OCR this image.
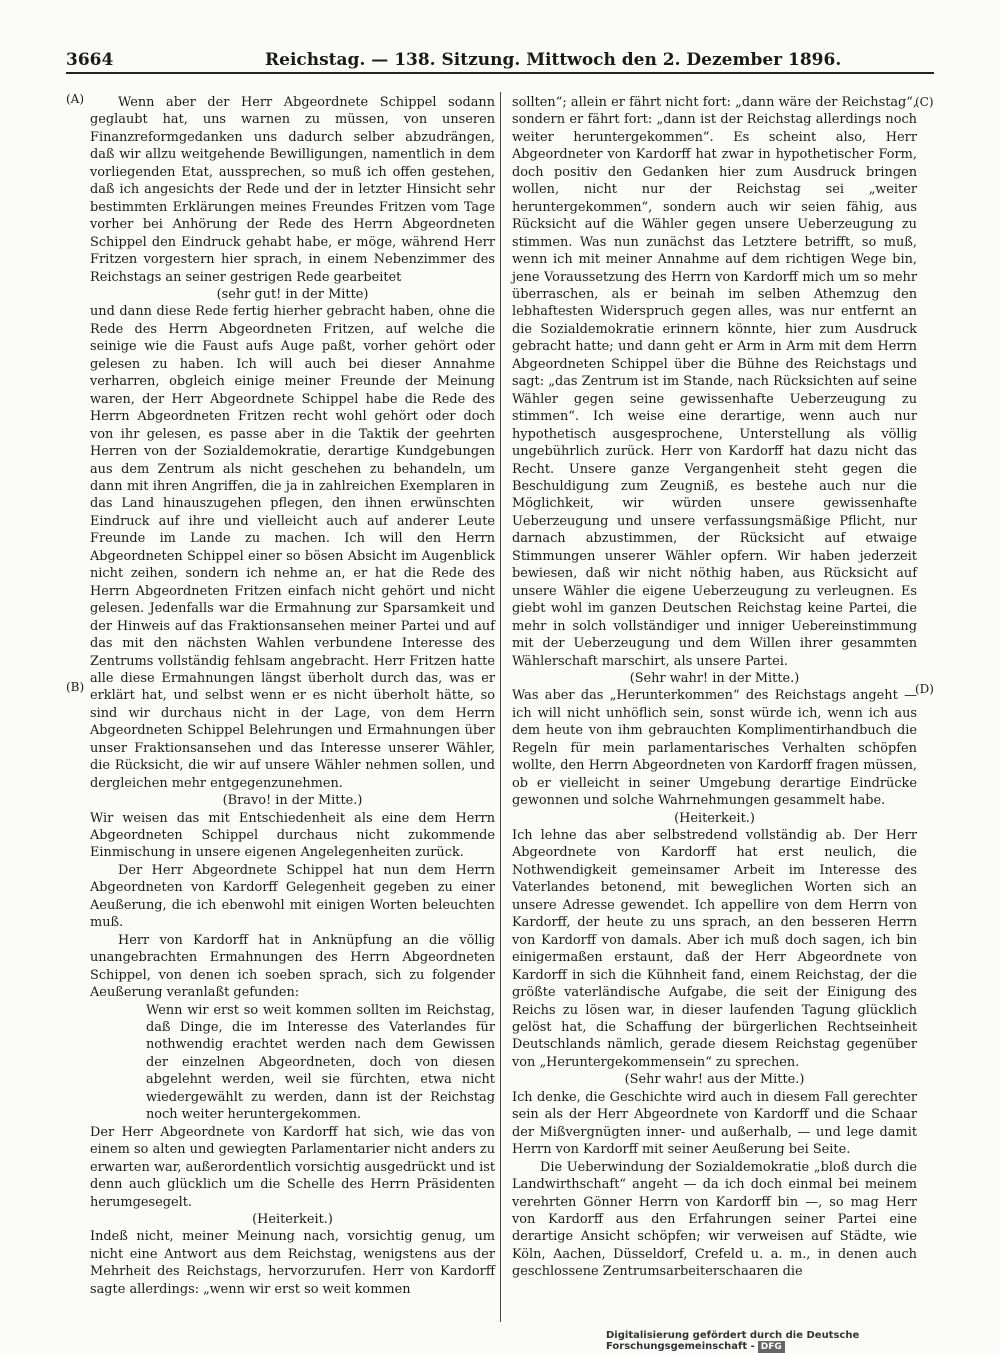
3664	Reichstag. — 138. Sitzung. Mittwoch den 2. Dezember 1896.
(A)
(B)
(C)
(D)

Wenn aber der Herr Abgeordnete Schippel sodann geglaubt hat, uns warnen zu müssen, von unseren Finanzreformgedanken uns dadurch selber abzudrängen, daß wir allzu weitgehende Bewilligungen, namentlich in dem vorliegenden Etat, aussprechen, so muß ich offen gestehen, daß ich angesichts der Rede und der in letzter Hinsicht sehr bestimmten Erklärungen meines Freundes Fritzen vom Tage vorher bei Anhörung der Rede des Herrn Abgeordneten Schippel den Eindruck gehabt habe, er möge, während Herr Fritzen vorgestern hier sprach, in einem Nebenzimmer des Reichstags an seiner gestrigen Rede gearbeitet

(sehr gut! in der Mitte)

und dann diese Rede fertig hierher gebracht haben, ohne die Rede des Herrn Abgeordneten Fritzen, auf welche die seinige wie die Faust aufs Auge paßt, vorher gehört oder gelesen zu haben. Ich will auch bei dieser Annahme verharren, obgleich einige meiner Freunde der Meinung waren, der Herr Abgeordnete Schippel habe die Rede des Herrn Abgeordneten Fritzen recht wohl gehört oder doch von ihr gelesen, es passe aber in die Taktik der geehrten Herren von der Sozialdemokratie, derartige Kundgebungen aus dem Zentrum als nicht geschehen zu behandeln, um dann mit ihren Angriffen, die ja in zahlreichen Exemplaren in das Land hinauszugehen pflegen, den ihnen erwünschten Eindruck auf ihre und vielleicht auch auf anderer Leute Freunde im Lande zu machen. Ich will den Herrn Abgeordneten Schippel einer so bösen Absicht im Augenblick nicht zeihen, sondern ich nehme an, er hat die Rede des Herrn Abgeordneten Fritzen einfach nicht gehört und nicht gelesen. Jedenfalls war die Ermahnung zur Sparsamkeit und der Hinweis auf das Fraktionsansehen meiner Partei und auf das mit den nächsten Wahlen verbundene Interesse des Zentrums vollständig fehlsam angebracht. Herr Fritzen hatte alle diese Ermahnungen längst überholt durch das, was er erklärt hat, und selbst wenn er es nicht überholt hätte, so sind wir durchaus nicht in der Lage, von dem Herrn Abgeordneten Schippel Belehrungen und Ermahnungen über unser Fraktionsansehen und das Interesse unserer Wähler, die Rücksicht, die wir auf unsere Wähler nehmen sollen, und dergleichen mehr entgegenzunehmen.

(Bravo! in der Mitte.)

Wir weisen das mit Entschiedenheit als eine dem Herrn Abgeordneten Schippel durchaus nicht zukommende Einmischung in unsere eigenen Angelegenheiten zurück.

Der Herr Abgeordnete Schippel hat nun dem Herrn Abgeordneten von Kardorff Gelegenheit gegeben zu einer Aeußerung, die ich ebenwohl mit einigen Worten beleuchten muß.

Herr von Kardorff hat in Anknüpfung an die völlig unangebrachten Ermahnungen des Herrn Abgeordneten Schippel, von denen ich soeben sprach, sich zu folgender Aeußerung veranlaßt gefunden:

Wenn wir erst so weit kommen sollten im Reichstag, daß Dinge, die im Interesse des Vaterlandes für nothwendig erachtet werden nach dem Gewissen der einzelnen Abgeordneten, doch von diesen abgelehnt werden, weil sie fürchten, etwa nicht wiedergewählt zu werden, dann ist der Reichstag noch weiter heruntergekommen.

Der Herr Abgeordnete von Kardorff hat sich, wie das von einem so alten und gewiegten Parlamentarier nicht anders zu erwarten war, außerordentlich vorsichtig ausgedrückt und ist denn auch glücklich um die Schelle des Herrn Präsidenten herumgesegelt.

(Heiterkeit.)

Indeß nicht, meiner Meinung nach, vorsichtig genug, um nicht eine Antwort aus dem Reichstag, wenigstens aus der Mehrheit des Reichstags, hervorzurufen. Herr von Kardorff sagte allerdings: „wenn wir erst so weit kommen

sollten“; allein er fährt nicht fort: „dann wäre der Reichstag“, sondern er fährt fort: „dann ist der Reichstag allerdings noch weiter heruntergekommen“. Es scheint also, Herr Abgeordneter von Kardorff hat zwar in hypothetischer Form, doch positiv den Gedanken hier zum Ausdruck bringen wollen, nicht nur der Reichstag sei „weiter heruntergekommen“, sondern auch wir seien fähig, aus Rücksicht auf die Wähler gegen unsere Ueberzeugung zu stimmen. Was nun zunächst das Letztere betrifft, so muß, wenn ich mit meiner Annahme auf dem richtigen Wege bin, jene Voraussetzung des Herrn von Kardorff mich um so mehr überraschen, als er beinah im selben Athemzug den lebhaftesten Widerspruch gegen alles, was nur entfernt an die Sozialdemokratie erinnern könnte, hier zum Ausdruck gebracht hatte; und dann geht er Arm in Arm mit dem Herrn Abgeordneten Schippel über die Bühne des Reichstags und sagt: „das Zentrum ist im Stande, nach Rücksichten auf seine Wähler gegen seine gewissenhafte Ueberzeugung zu stimmen“. Ich weise eine derartige, wenn auch nur hypothetisch ausgesprochene, Unterstellung als völlig ungebührlich zurück. Herr von Kardorff hat dazu nicht das Recht. Unsere ganze Vergangenheit steht gegen die Beschuldigung zum Zeugniß, es bestehe auch nur die Möglichkeit, wir würden unsere gewissenhafte Ueberzeugung und unsere verfassungsmäßige Pflicht, nur darnach abzustimmen, der Rücksicht auf etwaige Stimmungen unserer Wähler opfern. Wir haben jederzeit bewiesen, daß wir nicht nöthig haben, aus Rücksicht auf unsere Wähler die eigene Ueberzeugung zu verleugnen. Es giebt wohl im ganzen Deutschen Reichstag keine Partei, die mehr in solch vollständiger und inniger Uebereinstimmung mit der Ueberzeugung und dem Willen ihrer gesammten Wählerschaft marschirt, als unsere Partei.

(Sehr wahr! in der Mitte.)

Was aber das „Herunterkommen“ des Reichstags angeht — ich will nicht unhöflich sein, sonst würde ich, wenn ich aus dem heute von ihm gebrauchten Komplimentirhandbuch die Regeln für mein parlamentarisches Verhalten schöpfen wollte, den Herrn Abgeordneten von Kardorff fragen müssen, ob er vielleicht in seiner Umgebung derartige Eindrücke gewonnen und solche Wahrnehmungen gesammelt habe.

(Heiterkeit.)

Ich lehne das aber selbstredend vollständig ab. Der Herr Abgeordnete von Kardorff hat erst neulich, die Nothwendigkeit gemeinsamer Arbeit im Interesse des Vaterlandes betonend, mit beweglichen Worten sich an unsere Adresse gewendet. Ich appellire von dem Herrn von Kardorff, der heute zu uns sprach, an den besseren Herrn von Kardorff von damals. Aber ich muß doch sagen, ich bin einigermaßen erstaunt, daß der Herr Abgeordnete von Kardorff in sich die Kühnheit fand, einem Reichstag, der die größte vaterländische Aufgabe, die seit der Einigung des Reichs zu lösen war, in dieser laufenden Tagung glücklich gelöst hat, die Schaffung der bürgerlichen Rechtseinheit Deutschlands nämlich, gerade diesem Reichstag gegenüber von „Heruntergekommensein“ zu sprechen.

(Sehr wahr! aus der Mitte.)

Ich denke, die Geschichte wird auch in diesem Fall gerechter sein als der Herr Abgeordnete von Kardorff und die Schaar der Mißvergnügten inner- und außerhalb, — und lege damit Herrn von Kardorff mit seiner Aeußerung bei Seite.

Die Ueberwindung der Sozialdemokratie „bloß durch die Landwirthschaft“ angeht — da ich doch einmal bei meinem verehrten Gönner Herrn von Kardorff bin —, so mag Herr von Kardorff aus den Erfahrungen seiner Partei eine derartige Ansicht schöpfen; wir verweisen auf Städte, wie Köln, Aachen, Düsseldorf, Crefeld u. a. m., in denen auch geschlossene Zentrumsarbeiterschaaren die

Digitalisierung gefördert durch die Deutsche Forschungsgemeinschaft - DFG
